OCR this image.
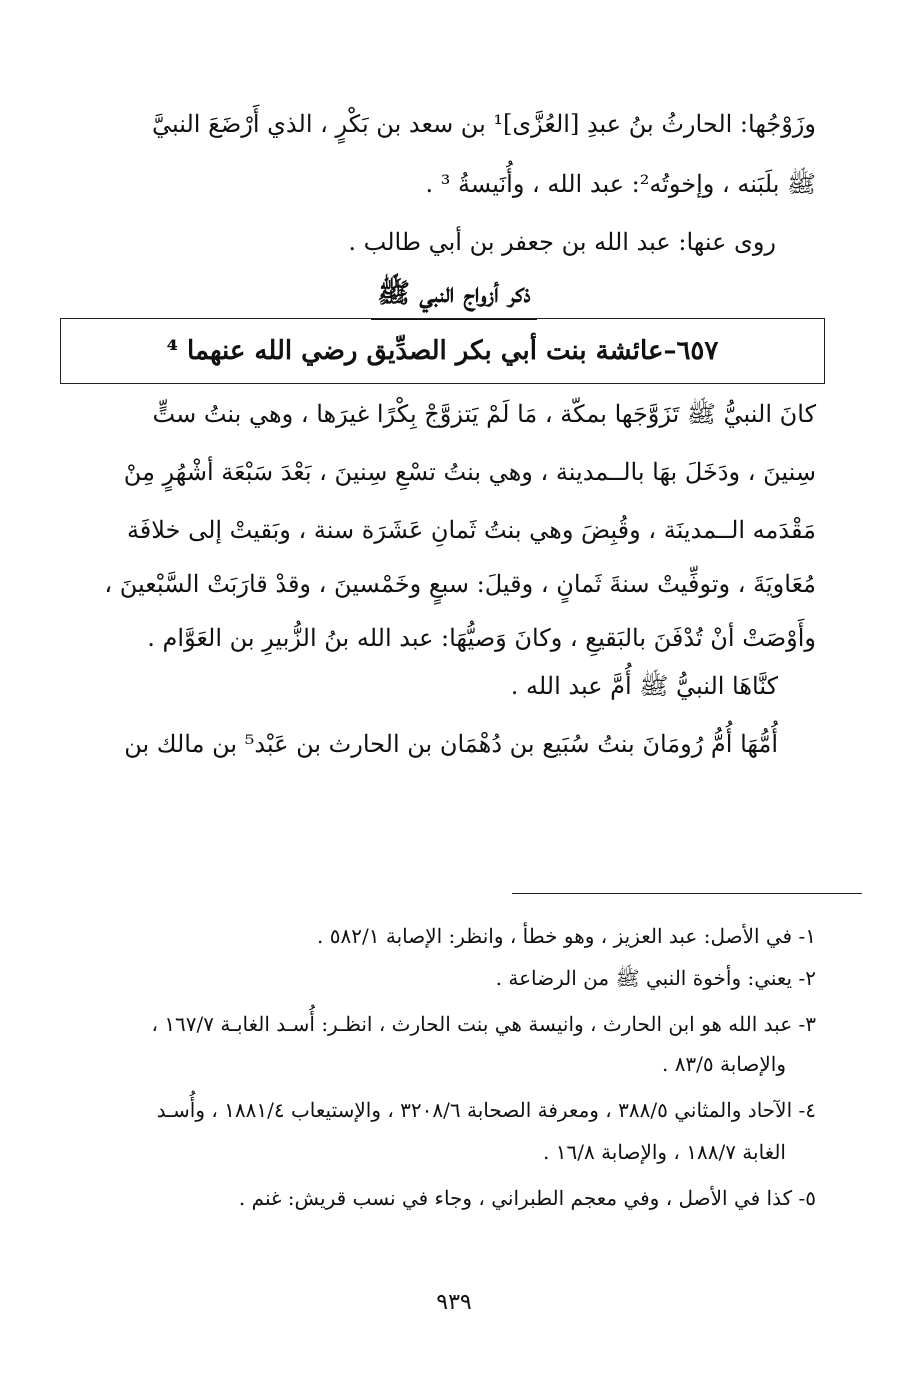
وزَوْجُها: الحارثُ بنُ عبدِ [العُزَّى]¹ بن سعد بن بَكْرٍ ، الذي أَرْضَعَ النبيَّ
ﷺ بلَبَنه ، وإخوتُه²: عبد الله ، وأُنَيسةُ ³ .
روى عنها: عبد الله بن جعفر بن أبي طالب .
ذكر أزواج النبي ﷺ
٦٥٧–عائشة بنت أبي بكر الصدِّيق رضي الله عنهما ⁴
كانَ النبيُّ ﷺ تَزَوَّجَها بمكّة ، مَا لَمْ يَتزوَّجْ بِكْرًا غيرَها ، وهي بنتُ ستٍّ
سِنينَ ، ودَخَلَ بهَا بالــمدينة ، وهي بنتُ تسْعِ سِنينَ ، بَعْدَ سَبْعَة أشْهُرٍ مِنْ
مَقْدَمه الــمدينَة ، وقُبِضَ وهي بنتُ ثَمانِ عَشَرَة سنة ، وبَقيتْ إلى خلافَة
مُعَاويَةَ ، وتوفِّيتْ سنةَ ثَمانٍ ، وقيلَ: سبعٍ وخَمْسينَ ، وقدْ قارَبَتْ السَّبْعينَ ،
وأَوْصَتْ أنْ تُدْفَنَ بالبَقيعِ ، وكانَ وَصيُّهَا: عبد الله بنُ الزُّبيرِ بن العَوَّام .
كنَّاهَا النبيُّ ﷺ أُمَّ عبد الله .
أُمُّهَا أُمُّ رُومَانَ بنتُ سُبَيع بن دُهْمَان بن الحارث بن عَبْد⁵ بن مالك بن
١- في الأصل: عبد العزيز ، وهو خطأ ، وانظر: الإصابة ٥٨٢/١ .
٢- يعني: وأخوة النبي ﷺ من الرضاعة .
٣- عبد الله هو ابن الحارث ، وانيسة هي بنت الحارث ، انظـر: أُسـد الغابـة ١٦٧/٧ ،
والإصابة ٨٣/٥ .
٤- الآحاد والمثاني ٣٨٨/٥ ، ومعرفة الصحابة ٣٢٠٨/٦ ، والإستيعاب ١٨٨١/٤ ، وأُسـد
الغابة ١٨٨/٧ ، والإصابة ١٦/٨ .
٥- كذا في الأصل ، وفي معجم الطبراني ، وجاء في نسب قريش: غنم .
٩٣٩
